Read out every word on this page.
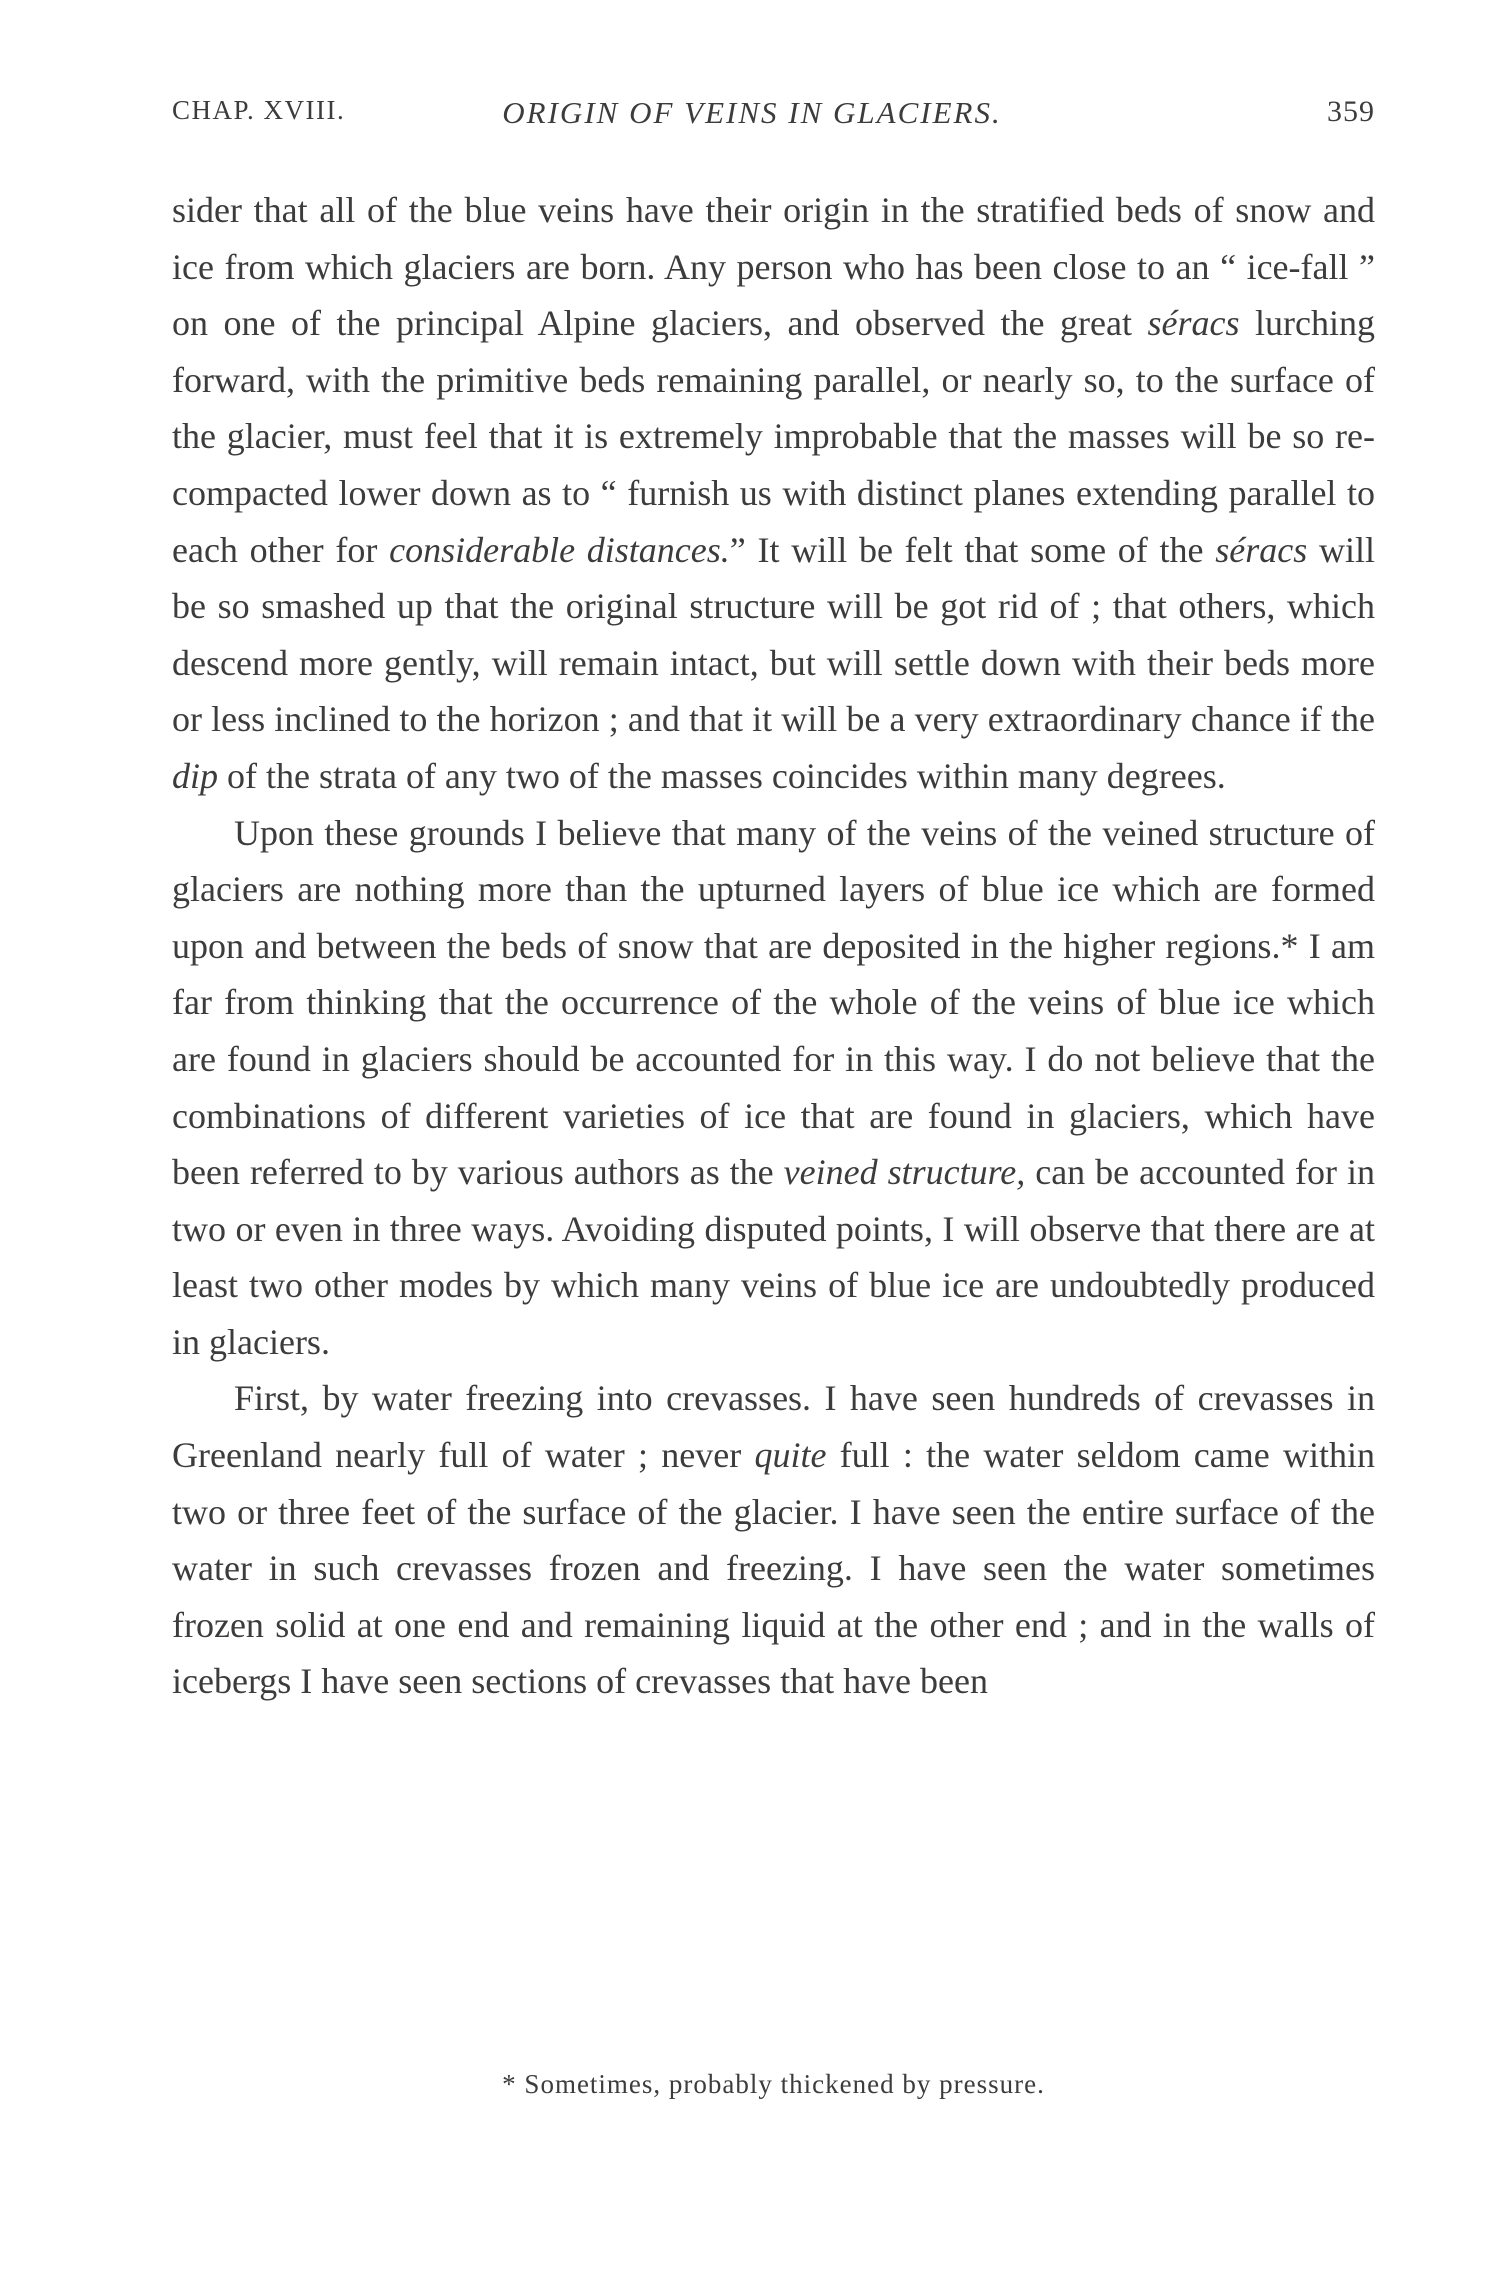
CHAP. XVIII.	ORIGIN OF VEINS IN GLACIERS.	359

sider that all of the blue veins have their origin in the stratified beds of snow and ice from which glaciers are born. Any person who has been close to an “ ice-fall ” on one of the principal Alpine glaciers, and observed the great séracs lurching forward, with the primitive beds remaining parallel, or nearly so, to the surface of the glacier, must feel that it is extremely improbable that the masses will be so re-compacted lower down as to “ furnish us with distinct planes extending parallel to each other for considerable distances.” It will be felt that some of the séracs will be so smashed up that the original structure will be got rid of ; that others, which descend more gently, will remain intact, but will settle down with their beds more or less inclined to the horizon ; and that it will be a very extraordinary chance if the dip of the strata of any two of the masses coincides within many degrees.

Upon these grounds I believe that many of the veins of the veined structure of glaciers are nothing more than the upturned layers of blue ice which are formed upon and between the beds of snow that are deposited in the higher regions.* I am far from thinking that the occurrence of the whole of the veins of blue ice which are found in glaciers should be accounted for in this way. I do not believe that the combinations of different varieties of ice that are found in glaciers, which have been referred to by various authors as the veined structure, can be accounted for in two or even in three ways. Avoiding disputed points, I will observe that there are at least two other modes by which many veins of blue ice are undoubtedly produced in glaciers.

First, by water freezing into crevasses. I have seen hundreds of crevasses in Greenland nearly full of water ; never quite full : the water seldom came within two or three feet of the surface of the glacier. I have seen the entire surface of the water in such crevasses frozen and freezing. I have seen the water sometimes frozen solid at one end and remaining liquid at the other end ; and in the walls of icebergs I have seen sections of crevasses that have been

* Sometimes, probably thickened by pressure.
